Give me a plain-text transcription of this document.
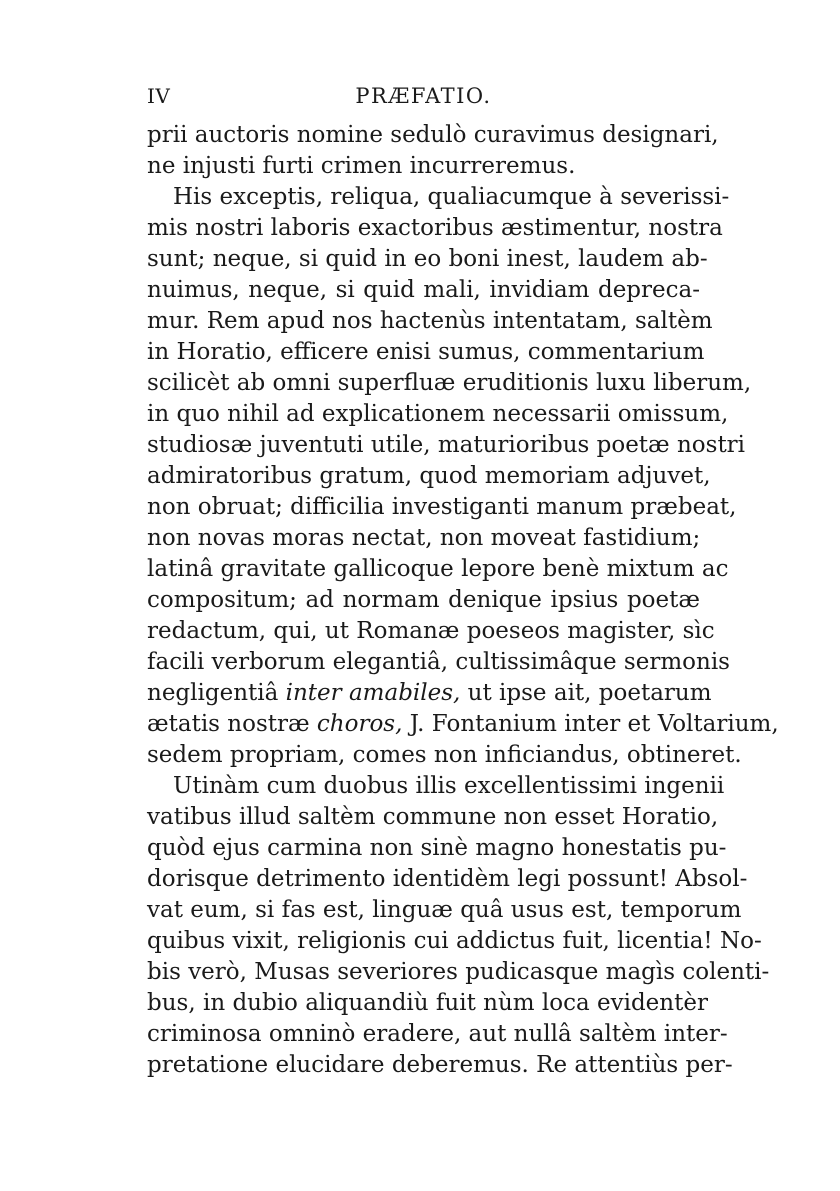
IV	PRÆFATIO.
prii auctoris nomine sedulò curavimus designari,
ne injusti furti crimen incurreremus.
His exceptis, reliqua, qualiacumque à severissi-
mis nostri laboris exactoribus æstimentur, nostra
sunt; neque, si quid in eo boni inest, laudem ab-
nuimus, neque, si quid mali, invidiam depreca-
mur. Rem apud nos hactenùs intentatam, saltèm
in Horatio, efficere enisi sumus, commentarium
scilicèt ab omni superfluæ eruditionis luxu liberum,
in quo nihil ad explicationem necessarii omissum,
studiosæ juventuti utile, maturioribus poetæ nostri
admiratoribus gratum, quod memoriam adjuvet,
non obruat; difficilia investiganti manum præbeat,
non novas moras nectat, non moveat fastidium;
latinâ gravitate gallicoque lepore benè mixtum ac
compositum; ad normam denique ipsius poetæ
redactum, qui, ut Romanæ poeseos magister, sìc
facili verborum elegantiâ, cultissimâque sermonis
negligentiâ inter amabiles, ut ipse ait, poetarum
ætatis nostræ choros, J. Fontanium inter et Voltarium,
sedem propriam, comes non inficiandus, obtineret.
Utinàm cum duobus illis excellentissimi ingenii
vatibus illud saltèm commune non esset Horatio,
quòd ejus carmina non sinè magno honestatis pu-
dorisque detrimento identidèm legi possunt! Absol-
vat eum, si fas est, linguæ quâ usus est, temporum
quibus vixit, religionis cui addictus fuit, licentia! No-
bis verò, Musas severiores pudicasque magìs colenti-
bus, in dubio aliquandiù fuit nùm loca evidentèr
criminosa omninò eradere, aut nullâ saltèm inter-
pretatione elucidare deberemus. Re attentiùs per-
